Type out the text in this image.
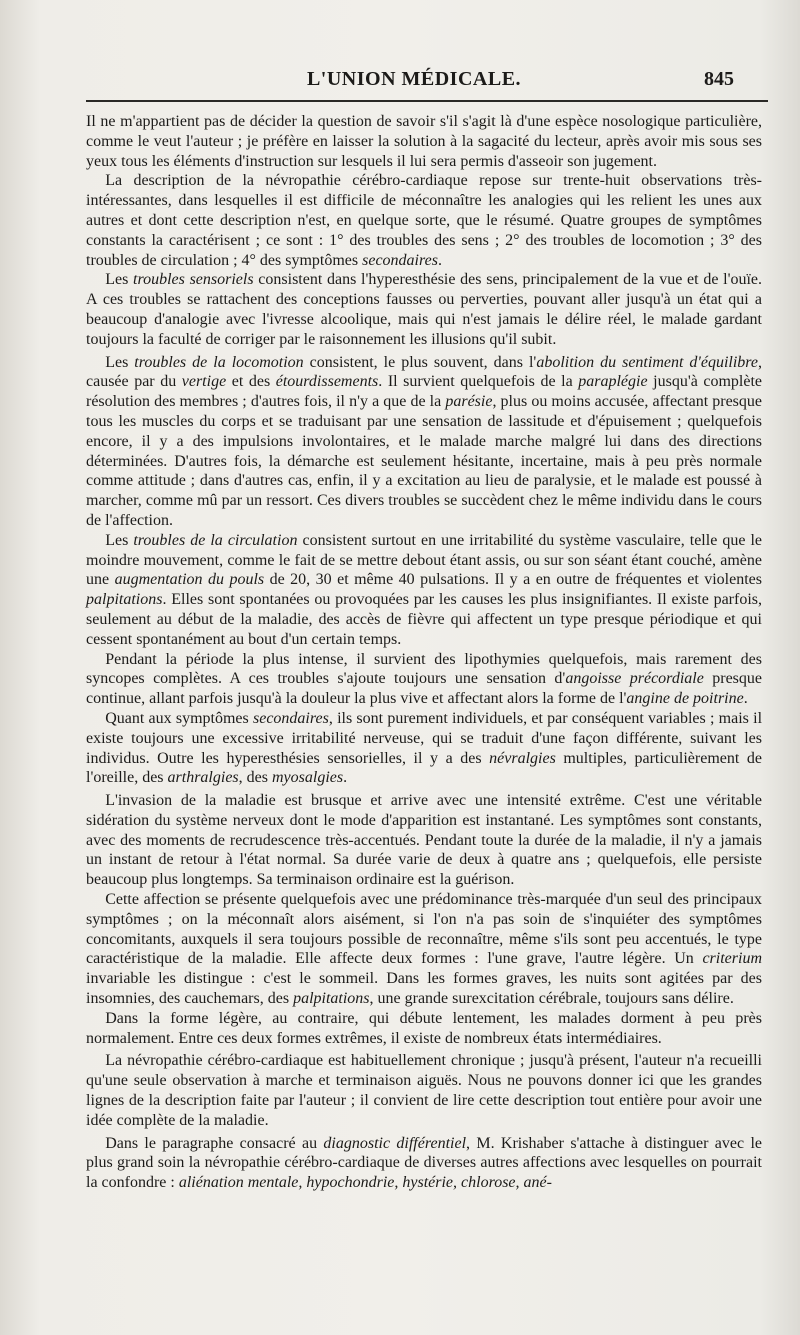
L'UNION MÉDICALE.	845

Il ne m'appartient pas de décider la question de savoir s'il s'agit là d'une espèce nosologique particulière, comme le veut l'auteur ; je préfère en laisser la solution à la sagacité du lecteur, après avoir mis sous ses yeux tous les éléments d'instruction sur lesquels il lui sera permis d'asseoir son jugement.

La description de la névropathie cérébro-cardiaque repose sur trente-huit observations très-intéressantes, dans lesquelles il est difficile de méconnaître les analogies qui les relient les unes aux autres et dont cette description n'est, en quelque sorte, que le résumé. Quatre groupes de symptômes constants la caractérisent ; ce sont : 1° des troubles des sens ; 2° des troubles de locomotion ; 3° des troubles de circulation ; 4° des symptômes secondaires.

Les troubles sensoriels consistent dans l'hyperesthésie des sens, principalement de la vue et de l'ouïe. A ces troubles se rattachent des conceptions fausses ou perverties, pouvant aller jusqu'à un état qui a beaucoup d'analogie avec l'ivresse alcoolique, mais qui n'est jamais le délire réel, le malade gardant toujours la faculté de corriger par le raisonnement les illusions qu'il subit.

Les troubles de la locomotion consistent, le plus souvent, dans l'abolition du sentiment d'équilibre, causée par du vertige et des étourdissements. Il survient quelquefois de la paraplégie jusqu'à complète résolution des membres ; d'autres fois, il n'y a que de la parésie, plus ou moins accusée, affectant presque tous les muscles du corps et se traduisant par une sensation de lassitude et d'épuisement ; quelquefois encore, il y a des impulsions involontaires, et le malade marche malgré lui dans des directions déterminées. D'autres fois, la démarche est seulement hésitante, incertaine, mais à peu près normale comme attitude ; dans d'autres cas, enfin, il y a excitation au lieu de paralysie, et le malade est poussé à marcher, comme mû par un ressort. Ces divers troubles se succèdent chez le même individu dans le cours de l'affection.

Les troubles de la circulation consistent surtout en une irritabilité du système vasculaire, telle que le moindre mouvement, comme le fait de se mettre debout étant assis, ou sur son séant étant couché, amène une augmentation du pouls de 20, 30 et même 40 pulsations. Il y a en outre de fréquentes et violentes palpitations. Elles sont spontanées ou provoquées par les causes les plus insignifiantes. Il existe parfois, seulement au début de la maladie, des accès de fièvre qui affectent un type presque périodique et qui cessent spontanément au bout d'un certain temps.

Pendant la période la plus intense, il survient des lipothymies quelquefois, mais rarement des syncopes complètes. A ces troubles s'ajoute toujours une sensation d'angoisse précordiale presque continue, allant parfois jusqu'à la douleur la plus vive et affectant alors la forme de l'angine de poitrine.

Quant aux symptômes secondaires, ils sont purement individuels, et par conséquent variables ; mais il existe toujours une excessive irritabilité nerveuse, qui se traduit d'une façon différente, suivant les individus. Outre les hyperesthésies sensorielles, il y a des névralgies multiples, particulièrement de l'oreille, des arthralgies, des myosalgies.

L'invasion de la maladie est brusque et arrive avec une intensité extrême. C'est une véritable sidération du système nerveux dont le mode d'apparition est instantané. Les symptômes sont constants, avec des moments de recrudescence très-accentués. Pendant toute la durée de la maladie, il n'y a jamais un instant de retour à l'état normal. Sa durée varie de deux à quatre ans ; quelquefois, elle persiste beaucoup plus longtemps. Sa terminaison ordinaire est la guérison.

Cette affection se présente quelquefois avec une prédominance très-marquée d'un seul des principaux symptômes ; on la méconnaît alors aisément, si l'on n'a pas soin de s'inquiéter des symptômes concomitants, auxquels il sera toujours possible de reconnaître, même s'ils sont peu accentués, le type caractéristique de la maladie. Elle affecte deux formes : l'une grave, l'autre légère. Un criterium invariable les distingue : c'est le sommeil. Dans les formes graves, les nuits sont agitées par des insomnies, des cauchemars, des palpitations, une grande surexcitation cérébrale, toujours sans délire.

Dans la forme légère, au contraire, qui débute lentement, les malades dorment à peu près normalement. Entre ces deux formes extrêmes, il existe de nombreux états intermédiaires.

La névropathie cérébro-cardiaque est habituellement chronique ; jusqu'à présent, l'auteur n'a recueilli qu'une seule observation à marche et terminaison aiguës. Nous ne pouvons donner ici que les grandes lignes de la description faite par l'auteur ; il convient de lire cette description tout entière pour avoir une idée complète de la maladie.

Dans le paragraphe consacré au diagnostic différentiel, M. Krishaber s'attache à distinguer avec le plus grand soin la névropathie cérébro-cardiaque de diverses autres affections avec lesquelles on pourrait la confondre : aliénation mentale, hypochondrie, hystérie, chlorose, ané-
